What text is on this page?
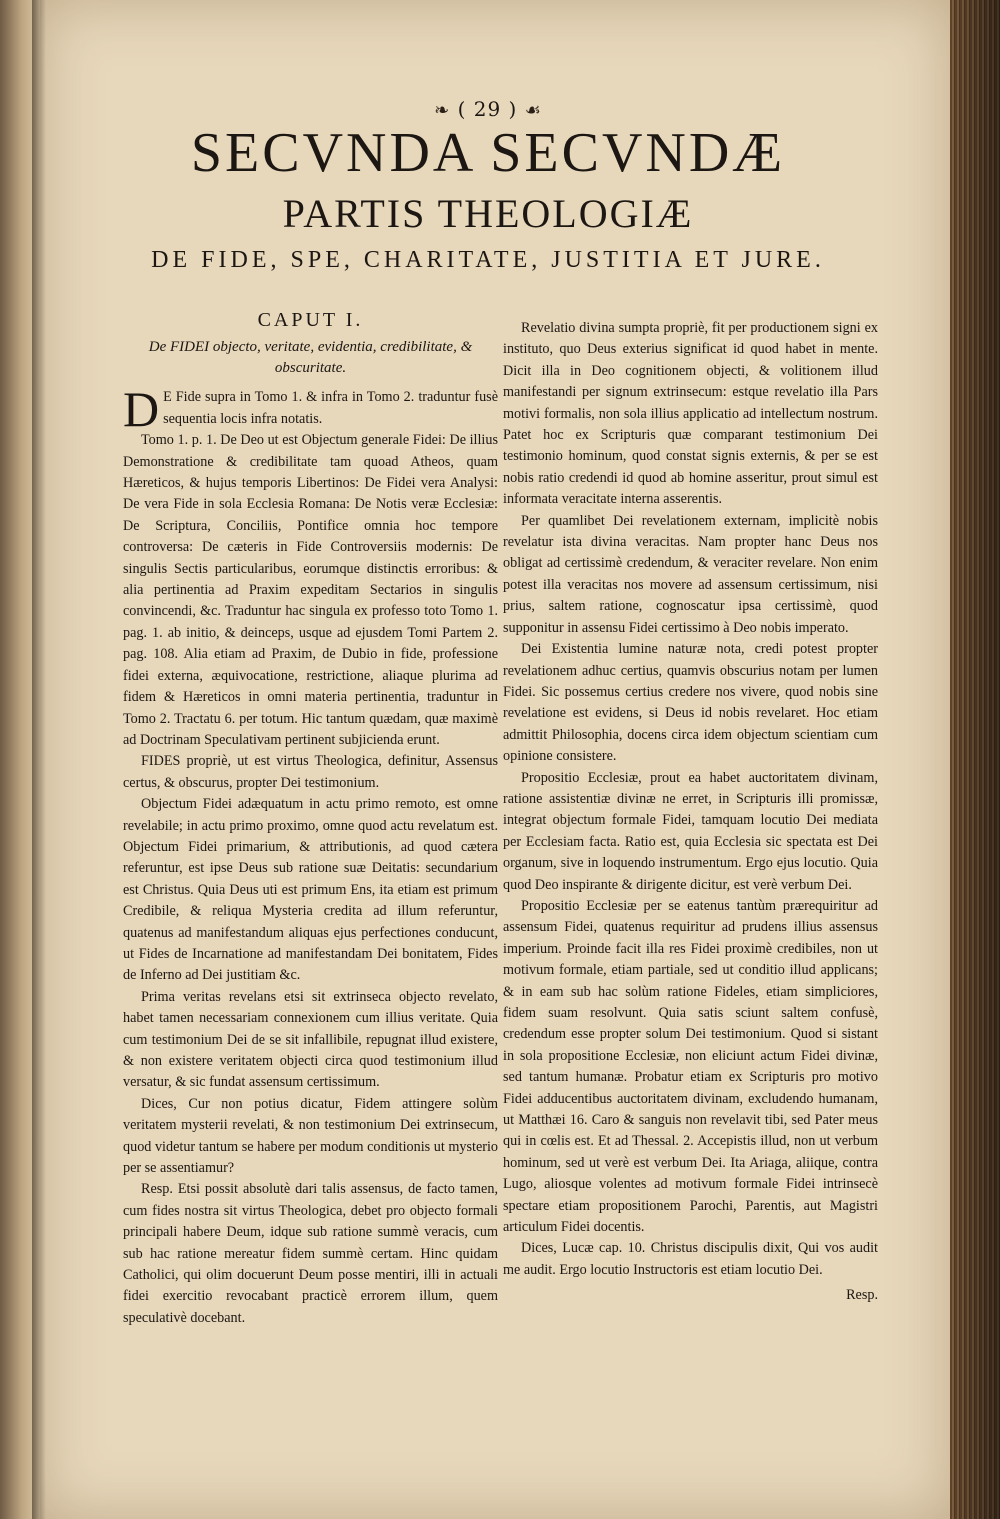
❧ ( 29 ) ☙
SECVNDA SECVNDÆ
PARTIS THEOLOGIÆ
DE FIDE, SPE, CHARITATE, JUSTITIA ET JURE.
CAPUT I.
De FIDEI objecto, veritate, evidentia, credibilitate, & obscuritate.

D E Fide supra in Tomo 1. & infra in Tomo 2. traduntur fusè sequentia locis infra notatis.

Tomo 1. p. 1. De Deo ut est Objectum generale Fidei: De illius Demonstratione & credibilitate tam quoad Atheos, quam Hæreticos, & hujus temporis Libertinos: De Fidei vera Analysi: De vera Fide in sola Ecclesia Romana: De Notis veræ Ecclesiæ: De Scriptura, Conciliis, Pontifice omnia hoc tempore controversa: De cæteris in Fide Controversiis modernis: De singulis Sectis particularibus, eorumque distinctis erroribus: & alia pertinentia ad Praxim expeditam Sectarios in singulis convincendi, &c. Traduntur hac singula ex professo toto Tomo 1. pag. 1. ab initio, & deinceps, usque ad ejusdem Tomi Partem 2. pag. 108. Alia etiam ad Praxim, de Dubio in fide, professione fidei externa, æquivocatione, restrictione, aliaque plurima ad fidem & Hæreticos in omni materia pertinentia, traduntur in Tomo 2. Tractatu 6. per totum. Hic tantum quædam, quæ maximè ad Doctrinam Speculativam pertinent subjicienda erunt.

FIDES propriè, ut est virtus Theologica, definitur, Assensus certus, & obscurus, propter Dei testimonium.

Objectum Fidei adæquatum in actu primo remoto, est omne revelabile; in actu primo proximo, omne quod actu revelatum est. Objectum Fidei primarium, & attributionis, ad quod cætera referuntur, est ipse Deus sub ratione suæ Deitatis: secundarium est Christus. Quia Deus uti est primum Ens, ita etiam est primum Credibile, & reliqua Mysteria credita ad illum referuntur, quatenus ad manifestandum aliquas ejus perfectiones conducunt, ut Fides de Incarnatione ad manifestandam Dei bonitatem, Fides de Inferno ad Dei justitiam &c.

Prima veritas revelans etsi sit extrinseca objecto revelato, habet tamen necessariam connexionem cum illius veritate. Quia cum testimonium Dei de se sit infallibile, repugnat illud existere, & non existere veritatem objecti circa quod testimonium illud versatur, & sic fundat assensum certissimum.

Dices, Cur non potius dicatur, Fidem attingere solùm veritatem mysterii revelati, & non testimonium Dei extrinsecum, quod videtur tantum se habere per modum conditionis ut mysterio per se assentiamur?

Resp. Etsi possit absolutè dari talis assensus, de facto tamen, cum fides nostra sit virtus Theologica, debet pro objecto formali principali habere Deum, idque sub ratione summè veracis, cum sub hac ratione mereatur fidem summè certam. Hinc quidam Catholici, qui olim docuerunt Deum posse mentiri, illi in actuali fidei exercitio revocabant practicè errorem illum, quem speculativè docebant.

Revelatio divina sumpta propriè, fit per productionem signi ex instituto, quo Deus exterius significat id quod habet in mente. Dicit illa in Deo cognitionem objecti, & volitionem illud manifestandi per signum extrinsecum: estque revelatio illa Pars motivi formalis, non sola illius applicatio ad intellectum nostrum. Patet hoc ex Scripturis quæ comparant testimonium Dei testimonio hominum, quod constat signis externis, & per se est nobis ratio credendi id quod ab homine asseritur, prout simul est informata veracitate interna asserentis.

Per quamlibet Dei revelationem externam, implicitè nobis revelatur ista divina veracitas. Nam propter hanc Deus nos obligat ad certissimè credendum, & veraciter revelare. Non enim potest illa veracitas nos movere ad assensum certissimum, nisi prius, saltem ratione, cognoscatur ipsa certissimè, quod supponitur in assensu Fidei certissimo à Deo nobis imperato.

Dei Existentia lumine naturæ nota, credi potest propter revelationem adhuc certius, quamvis obscurius notam per lumen Fidei. Sic possemus certius credere nos vivere, quod nobis sine revelatione est evidens, si Deus id nobis revelaret. Hoc etiam admittit Philosophia, docens circa idem objectum scientiam cum opinione consistere.

Propositio Ecclesiæ, prout ea habet auctoritatem divinam, ratione assistentiæ divinæ ne erret, in Scripturis illi promissæ, integrat objectum formale Fidei, tamquam locutio Dei mediata per Ecclesiam facta. Ratio est, quia Ecclesia sic spectata est Dei organum, sive in loquendo instrumentum. Ergo ejus locutio. Quia quod Deo inspirante & dirigente dicitur, est verè verbum Dei.

Propositio Ecclesiæ per se eatenus tantùm prærequiritur ad assensum Fidei, quatenus requiritur ad prudens illius assensus imperium. Proinde facit illa res Fidei proximè credibiles, non ut motivum formale, etiam partiale, sed ut conditio illud applicans; & in eam sub hac solùm ratione Fideles, etiam simpliciores, fidem suam resolvunt. Quia satis sciunt saltem confusè, credendum esse propter solum Dei testimonium. Quod si sistant in sola propositione Ecclesiæ, non eliciunt actum Fidei divinæ, sed tantum humanæ. Probatur etiam ex Scripturis pro motivo Fidei adducentibus auctoritatem divinam, excludendo humanam, ut Matthæi 16. Caro & sanguis non revelavit tibi, sed Pater meus qui in cœlis est. Et ad Thessal. 2. Accepistis illud, non ut verbum hominum, sed ut verè est verbum Dei. Ita Ariaga, aliique, contra Lugo, aliosque volentes ad motivum formale Fidei intrinsecè spectare etiam propositionem Parochi, Parentis, aut Magistri articulum Fidei docentis.

Dices, Lucæ cap. 10. Christus discipulis dixit, Qui vos audit me audit. Ergo locutio Instructoris est etiam locutio Dei.

Resp.
